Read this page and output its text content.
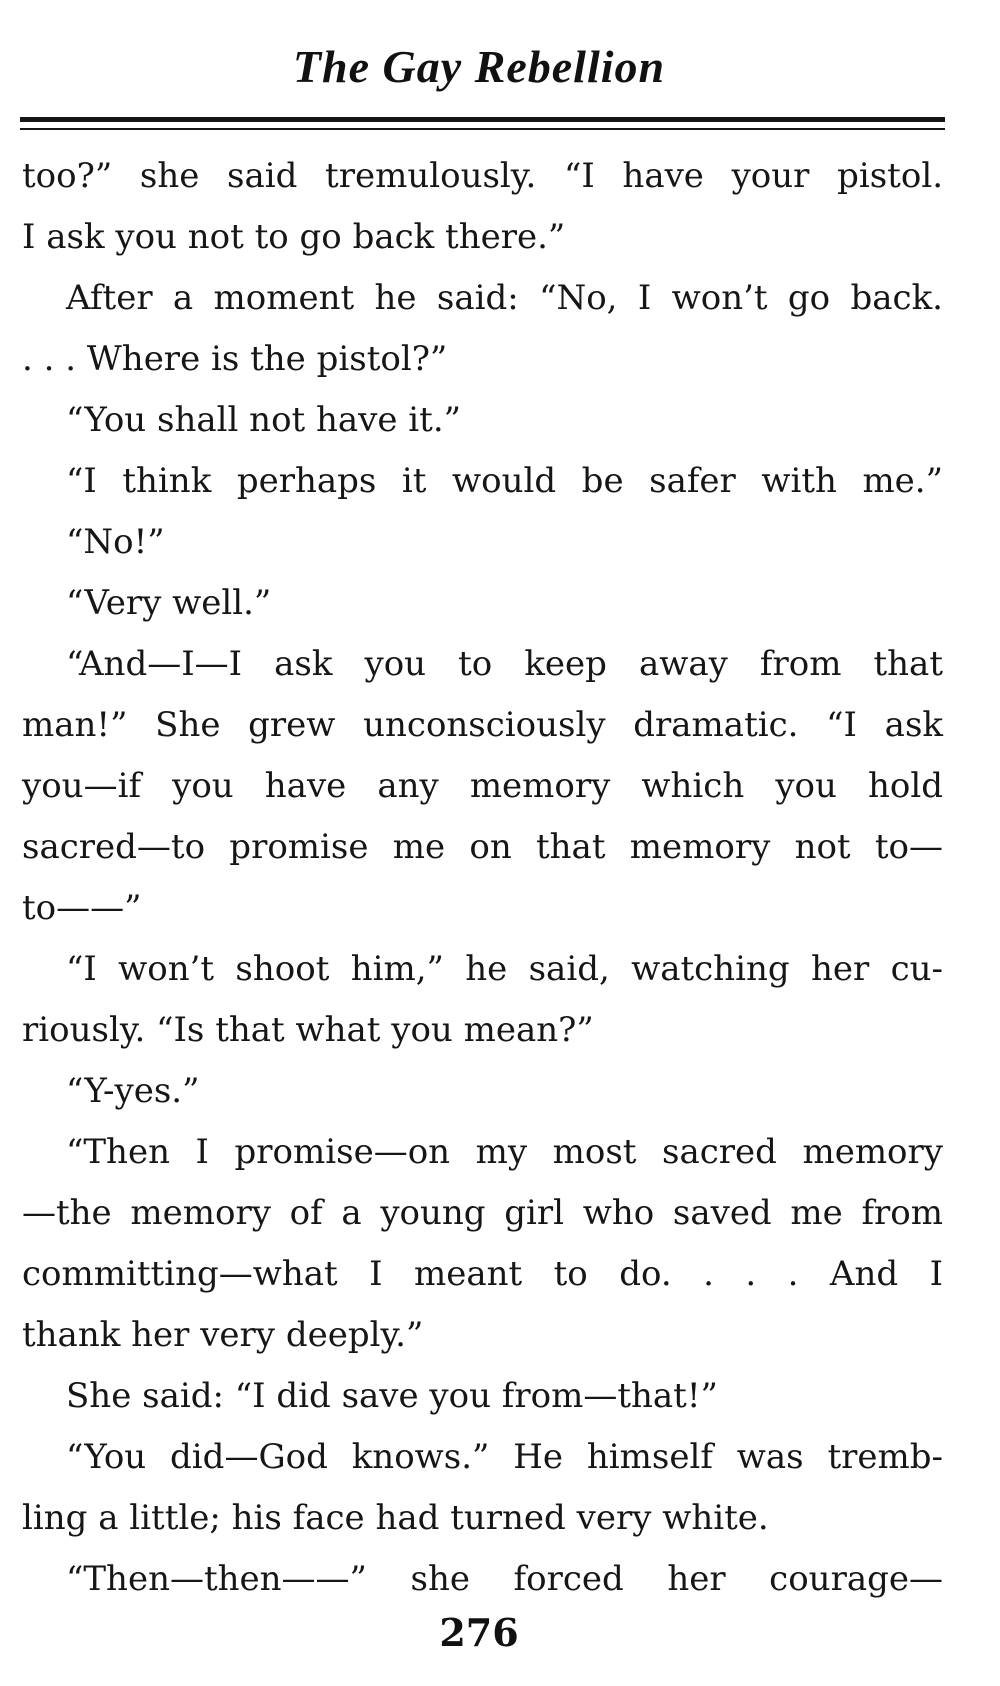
The Gay Rebellion
too?” she said tremulously. “I have your pistol.
I ask you not to go back there.”
After a moment he said: “No, I won’t go back.
. . . Where is the pistol?”
“You shall not have it.”
“I think perhaps it would be safer with me.”
“No!”
“Very well.”
“And—I—I ask you to keep away from that
man!” She grew unconsciously dramatic. “I ask
you—if you have any memory which you hold
sacred—to promise me on that memory not to—
to——”
“I won’t shoot him,” he said, watching her cu-
riously. “Is that what you mean?”
“Y-yes.”
“Then I promise—on my most sacred memory
—the memory of a young girl who saved me from
committing—what I meant to do. . . . And I
thank her very deeply.”
She said: “I did save you from—that!”
“You did—God knows.” He himself was tremb-
ling a little; his face had turned very white.
“Then—then——” she forced her courage—
276
